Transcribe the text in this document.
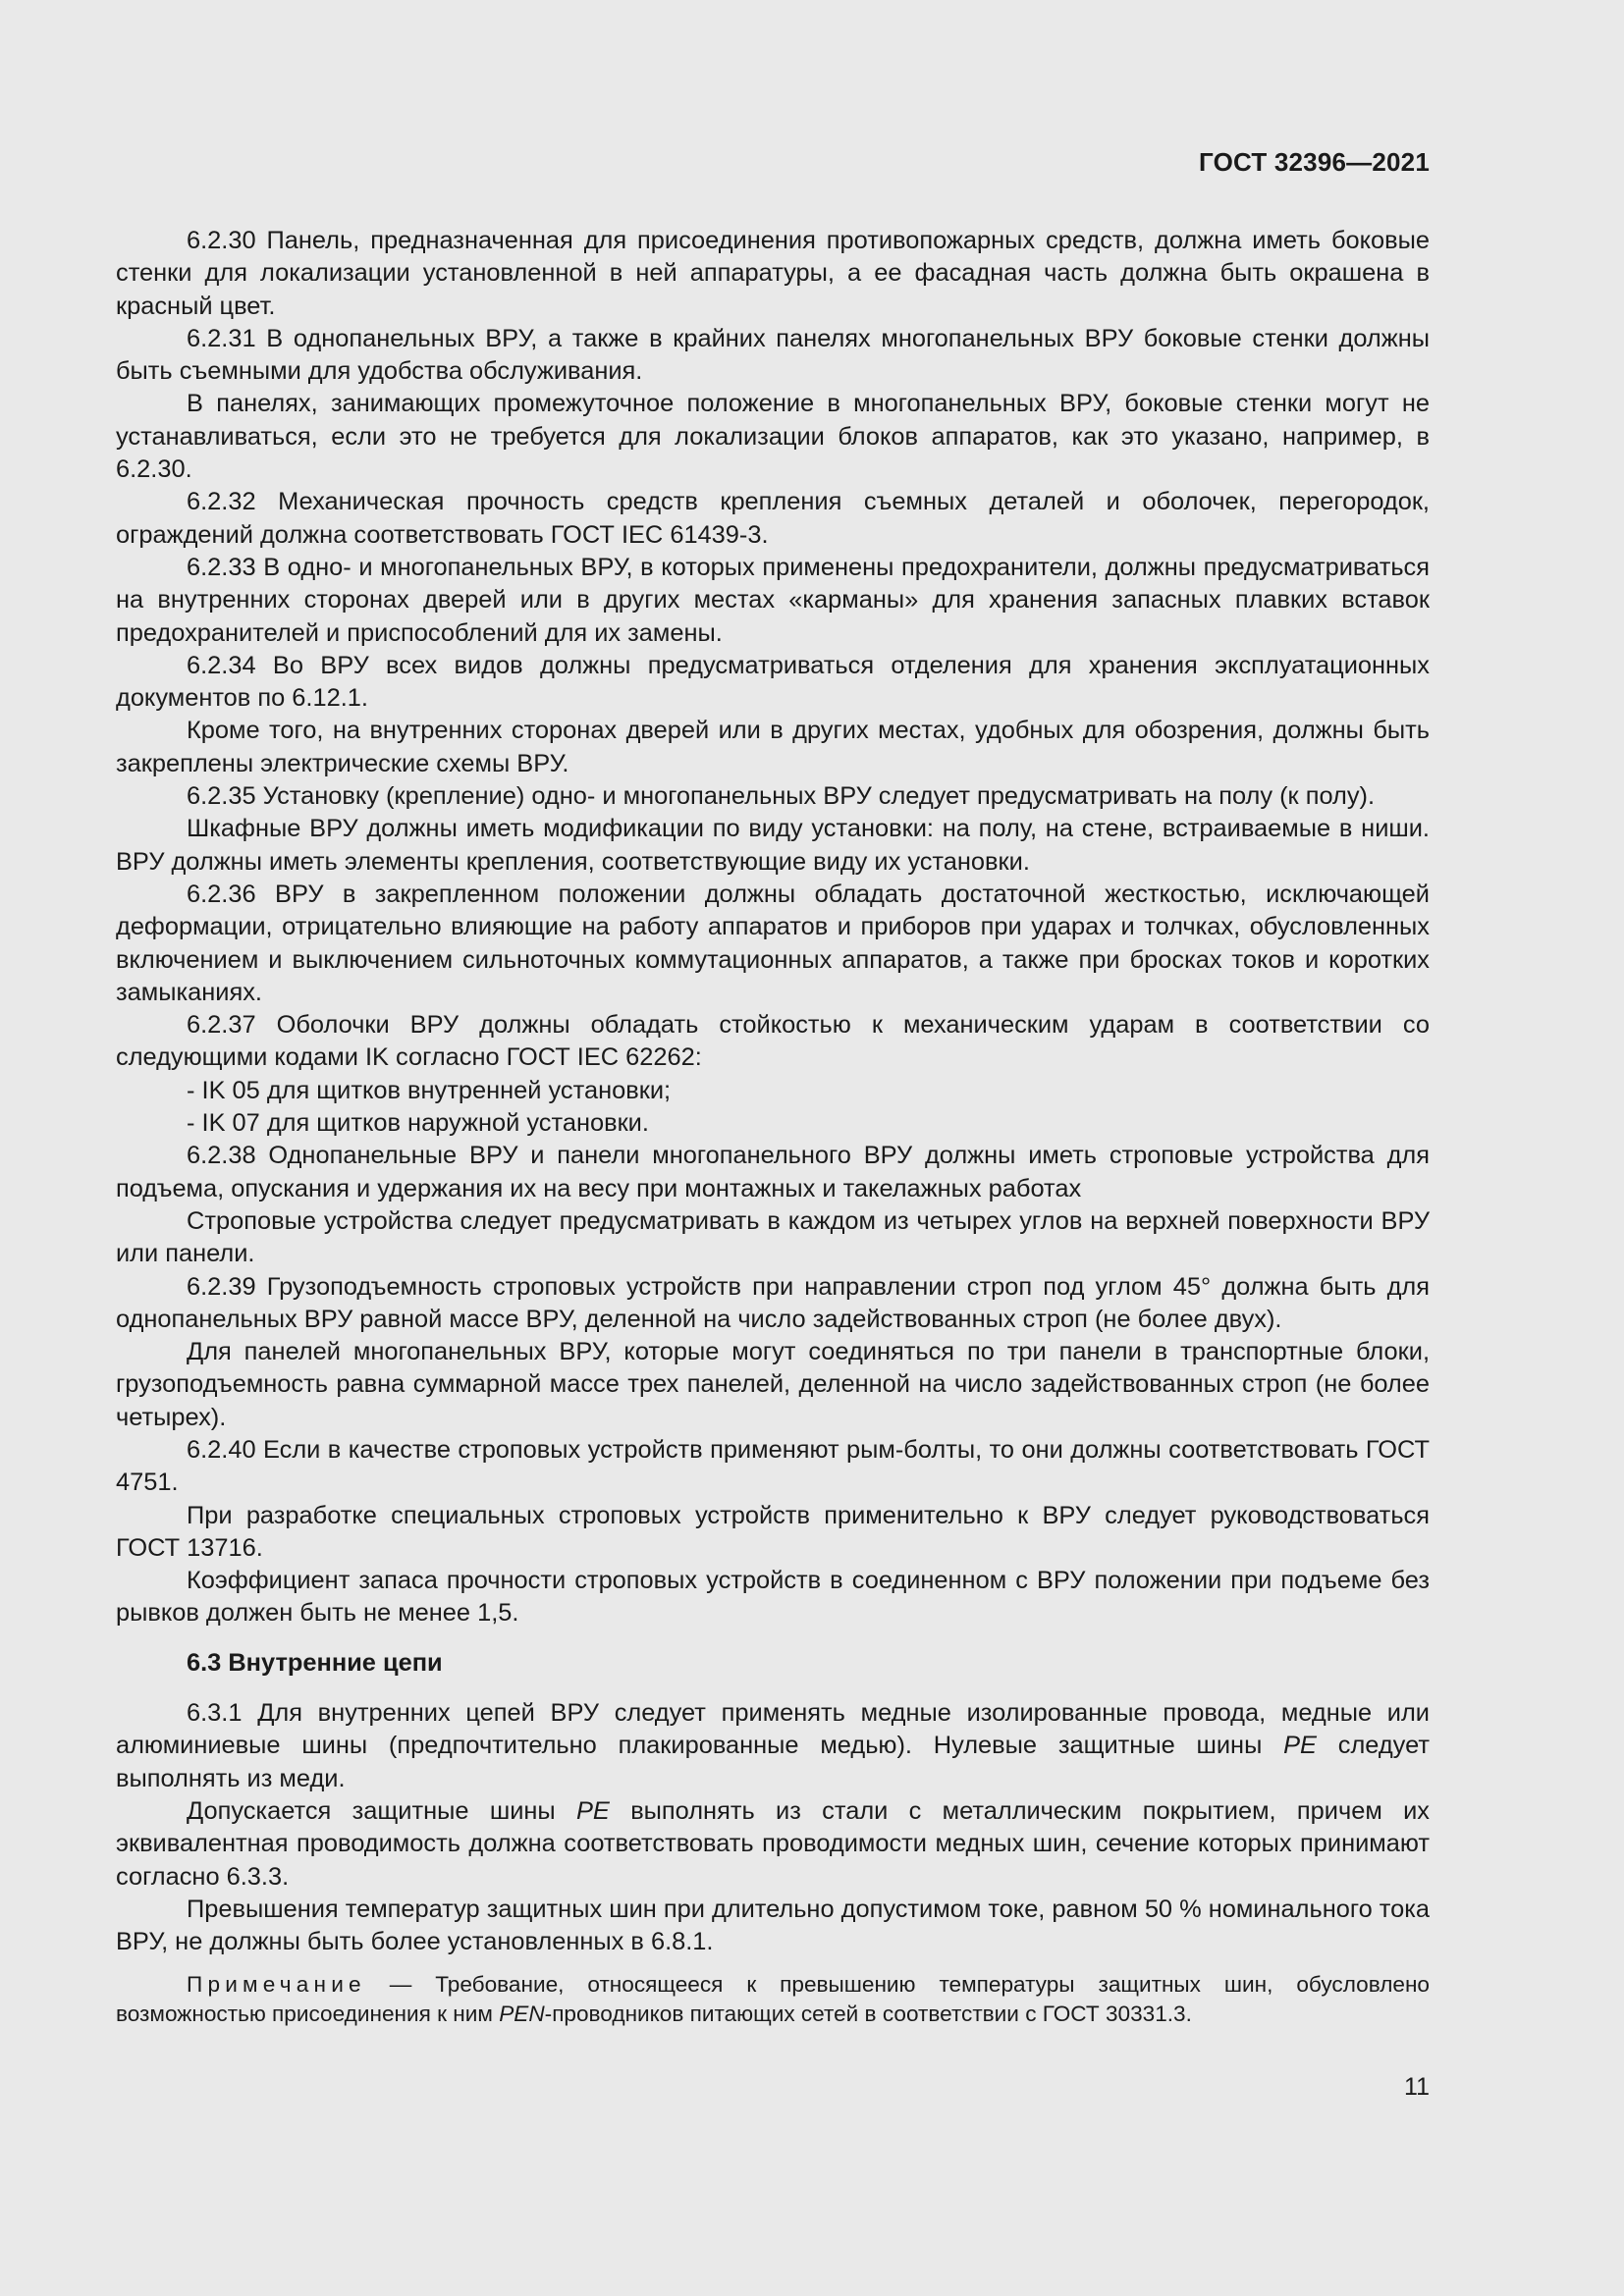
ГОСТ 32396—2021

6.2.30 Панель, предназначенная для присоединения противопожарных средств, должна иметь боковые стенки для локализации установленной в ней аппаратуры, а ее фасадная часть должна быть окрашена в красный цвет.

6.2.31 В однопанельных ВРУ, а также в крайних панелях многопанельных ВРУ боковые стенки должны быть съемными для удобства обслуживания.

В панелях, занимающих промежуточное положение в многопанельных ВРУ, боковые стенки могут не устанавливаться, если это не требуется для локализации блоков аппаратов, как это указано, например, в 6.2.30.

6.2.32 Механическая прочность средств крепления съемных деталей и оболочек, перегородок, ограждений должна соответствовать ГОСТ IEC 61439-3.

6.2.33 В одно- и многопанельных ВРУ, в которых применены предохранители, должны предусматриваться на внутренних сторонах дверей или в других местах «карманы» для хранения запасных плавких вставок предохранителей и приспособлений для их замены.

6.2.34 Во ВРУ всех видов должны предусматриваться отделения для хранения эксплуатационных документов по 6.12.1.

Кроме того, на внутренних сторонах дверей или в других местах, удобных для обозрения, должны быть закреплены электрические схемы ВРУ.

6.2.35 Установку (крепление) одно- и многопанельных ВРУ следует предусматривать на полу (к полу).

Шкафные ВРУ должны иметь модификации по виду установки: на полу, на стене, встраиваемые в ниши. ВРУ должны иметь элементы крепления, соответствующие виду их установки.

6.2.36 ВРУ в закрепленном положении должны обладать достаточной жесткостью, исключающей деформации, отрицательно влияющие на работу аппаратов и приборов при ударах и толчках, обусловленных включением и выключением сильноточных коммутационных аппаратов, а также при бросках токов и коротких замыканиях.

6.2.37 Оболочки ВРУ должны обладать стойкостью к механическим ударам в соответствии со следующими кодами IK согласно ГОСТ IEC 62262:

- IK 05 для щитков внутренней установки;

- IK 07 для щитков наружной установки.

6.2.38 Однопанельные ВРУ и панели многопанельного ВРУ должны иметь строповые устройства для подъема, опускания и удержания их на весу при монтажных и такелажных работах

Строповые устройства следует предусматривать в каждом из четырех углов на верхней поверхности ВРУ или панели.

6.2.39 Грузоподъемность строповых устройств при направлении строп под углом 45° должна быть для однопанельных ВРУ равной массе ВРУ, деленной на число задействованных строп (не более двух).

Для панелей многопанельных ВРУ, которые могут соединяться по три панели в транспортные блоки, грузоподъемность равна суммарной массе трех панелей, деленной на число задействованных строп (не более четырех).

6.2.40 Если в качестве строповых устройств применяют рым-болты, то они должны соответствовать ГОСТ 4751.

При разработке специальных строповых устройств применительно к ВРУ следует руководствоваться ГОСТ 13716.

Коэффициент запаса прочности строповых устройств в соединенном с ВРУ положении при подъеме без рывков должен быть не менее 1,5.

6.3 Внутренние цепи

6.3.1 Для внутренних цепей ВРУ следует применять медные изолированные провода, медные или алюминиевые шины (предпочтительно плакированные медью). Нулевые защитные шины PE следует выполнять из меди.

Допускается защитные шины PE выполнять из стали с металлическим покрытием, причем их эквивалентная проводимость должна соответствовать проводимости медных шин, сечение которых принимают согласно 6.3.3.

Превышения температур защитных шин при длительно допустимом токе, равном 50 % номинального тока ВРУ, не должны быть более установленных в 6.8.1.

Примечание — Требование, относящееся к превышению температуры защитных шин, обусловлено возможностью присоединения к ним PEN-проводников питающих сетей в соответствии с ГОСТ 30331.3.

11
